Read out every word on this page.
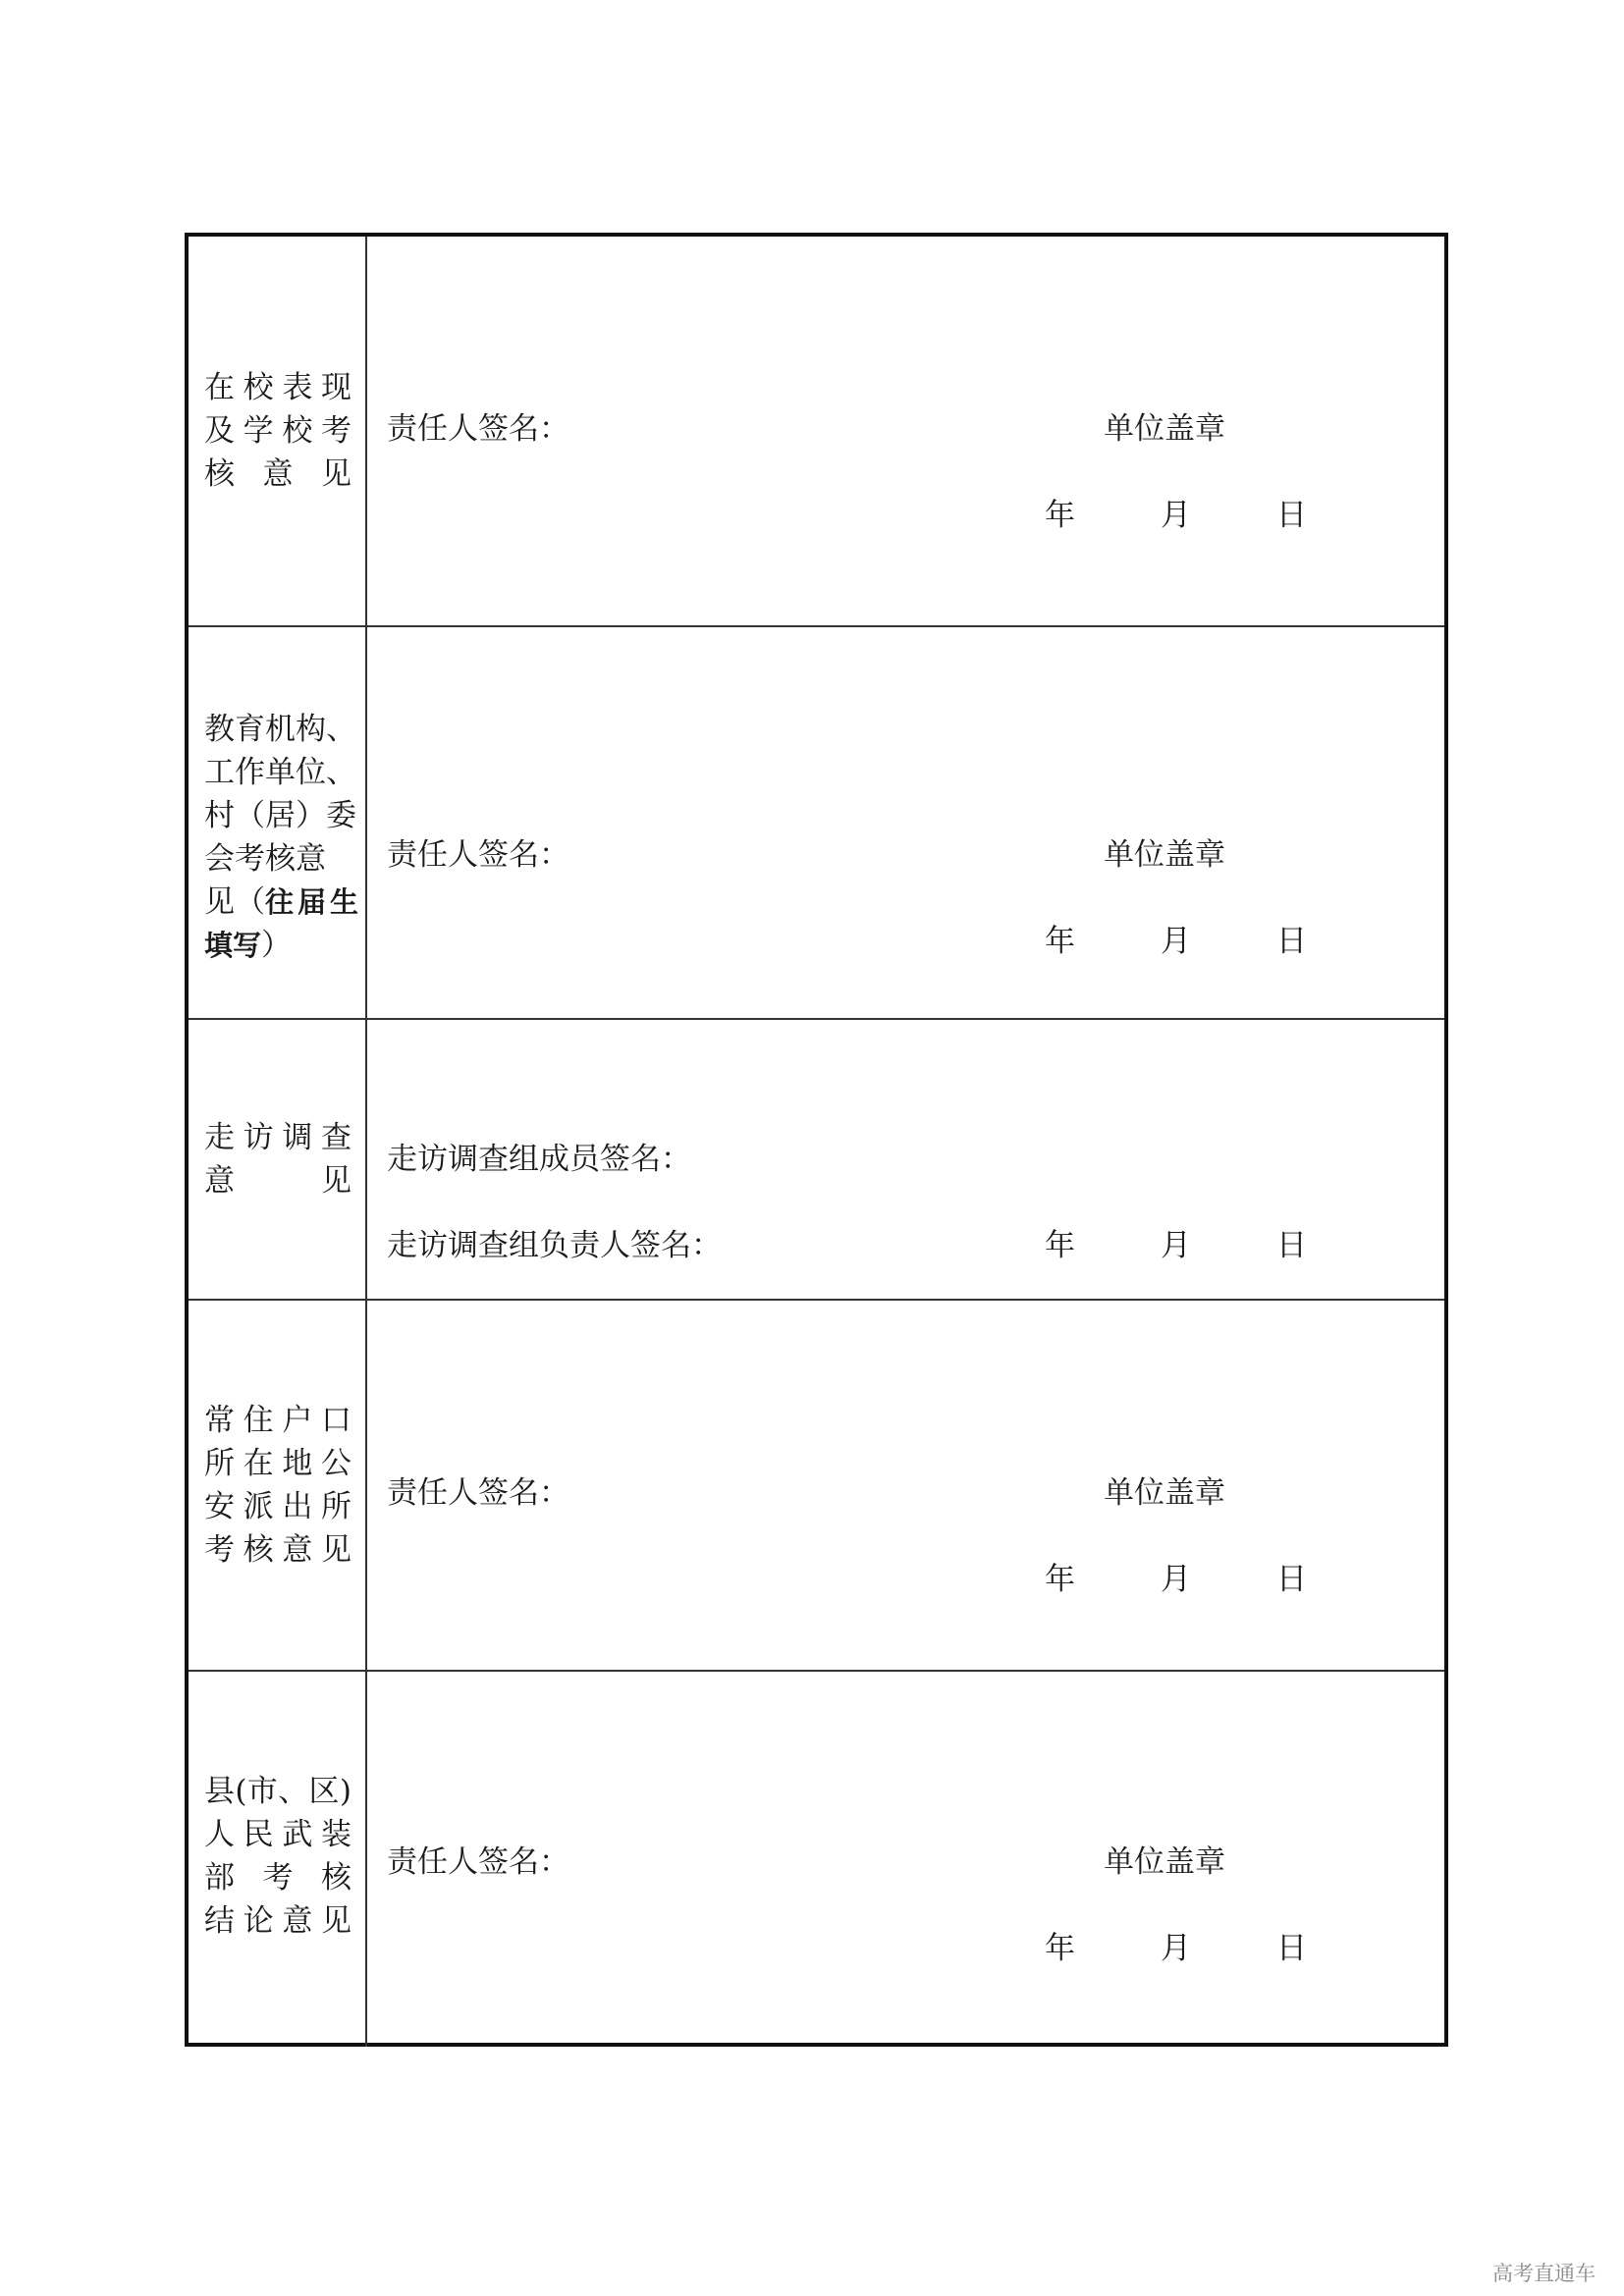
在 校 表 现
及 学 校 考
核 意 见
责任人签名：	单位盖章
年	月	日
教育机构、
工作单位、
村（居）委
会考核意
见（ 往届生
填写 ）
责任人签名：	单位盖章
年	月	日
走 访 调 查
意	见
走访调查组成员签名：
走访调查组负责人签名：	年	月	日
常 住 户 口
所 在 地 公
安 派 出 所
考 核 意 见
责任人签名：	单位盖章
年	月	日
县 ( 市 、 区 )
人 民 武 装
部 考 核
结 论 意 见
责任人签名：	单位盖章
年	月	日
高考直通车
